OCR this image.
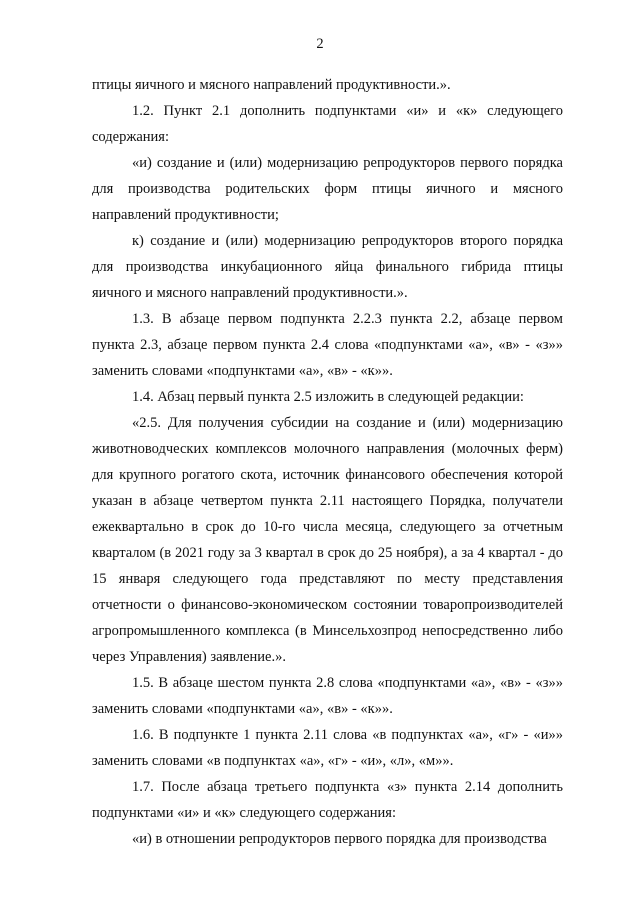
2

птицы яичного и мясного направлений продуктивности.».

1.2. Пункт 2.1 дополнить подпунктами «и» и «к» следующего содержания:

«и) создание и (или) модернизацию репродукторов первого порядка для производства родительских форм птицы яичного и мясного направлений продуктивности;

к) создание и (или) модернизацию репродукторов второго порядка для производства инкубационного яйца финального гибрида птицы яичного и мясного направлений продуктивности.».

1.3. В абзаце первом подпункта 2.2.3 пункта 2.2, абзаце первом пункта 2.3, абзаце первом пункта 2.4 слова «подпунктами «а», «в» - «з»» заменить словами «подпунктами «а», «в» - «к»».

1.4. Абзац первый пункта 2.5 изложить в следующей редакции:

«2.5. Для получения субсидии на создание и (или) модернизацию животноводческих комплексов молочного направления (молочных ферм) для крупного рогатого скота, источник финансового обеспечения которой указан в абзаце четвертом пункта 2.11 настоящего Порядка, получатели ежеквартально в срок до 10-го числа месяца, следующего за отчетным кварталом (в 2021 году за 3 квартал в срок до 25 ноября), а за 4 квартал - до 15 января следующего года представляют по месту представления отчетности о финансово-экономическом состоянии товаропроизводителей агропромышленного комплекса (в Минсельхозпрод непосредственно либо через Управления) заявление.».

1.5. В абзаце шестом пункта 2.8 слова «подпунктами «а», «в» - «з»» заменить словами «подпунктами «а», «в» - «к»».

1.6. В подпункте 1 пункта 2.11 слова «в подпунктах «а», «г» - «и»» заменить словами «в подпунктах «а», «г» - «и», «л», «м»».

1.7. После абзаца третьего подпункта «з» пункта 2.14 дополнить подпунктами «и» и «к» следующего содержания:

«и) в отношении репродукторов первого порядка для производства
